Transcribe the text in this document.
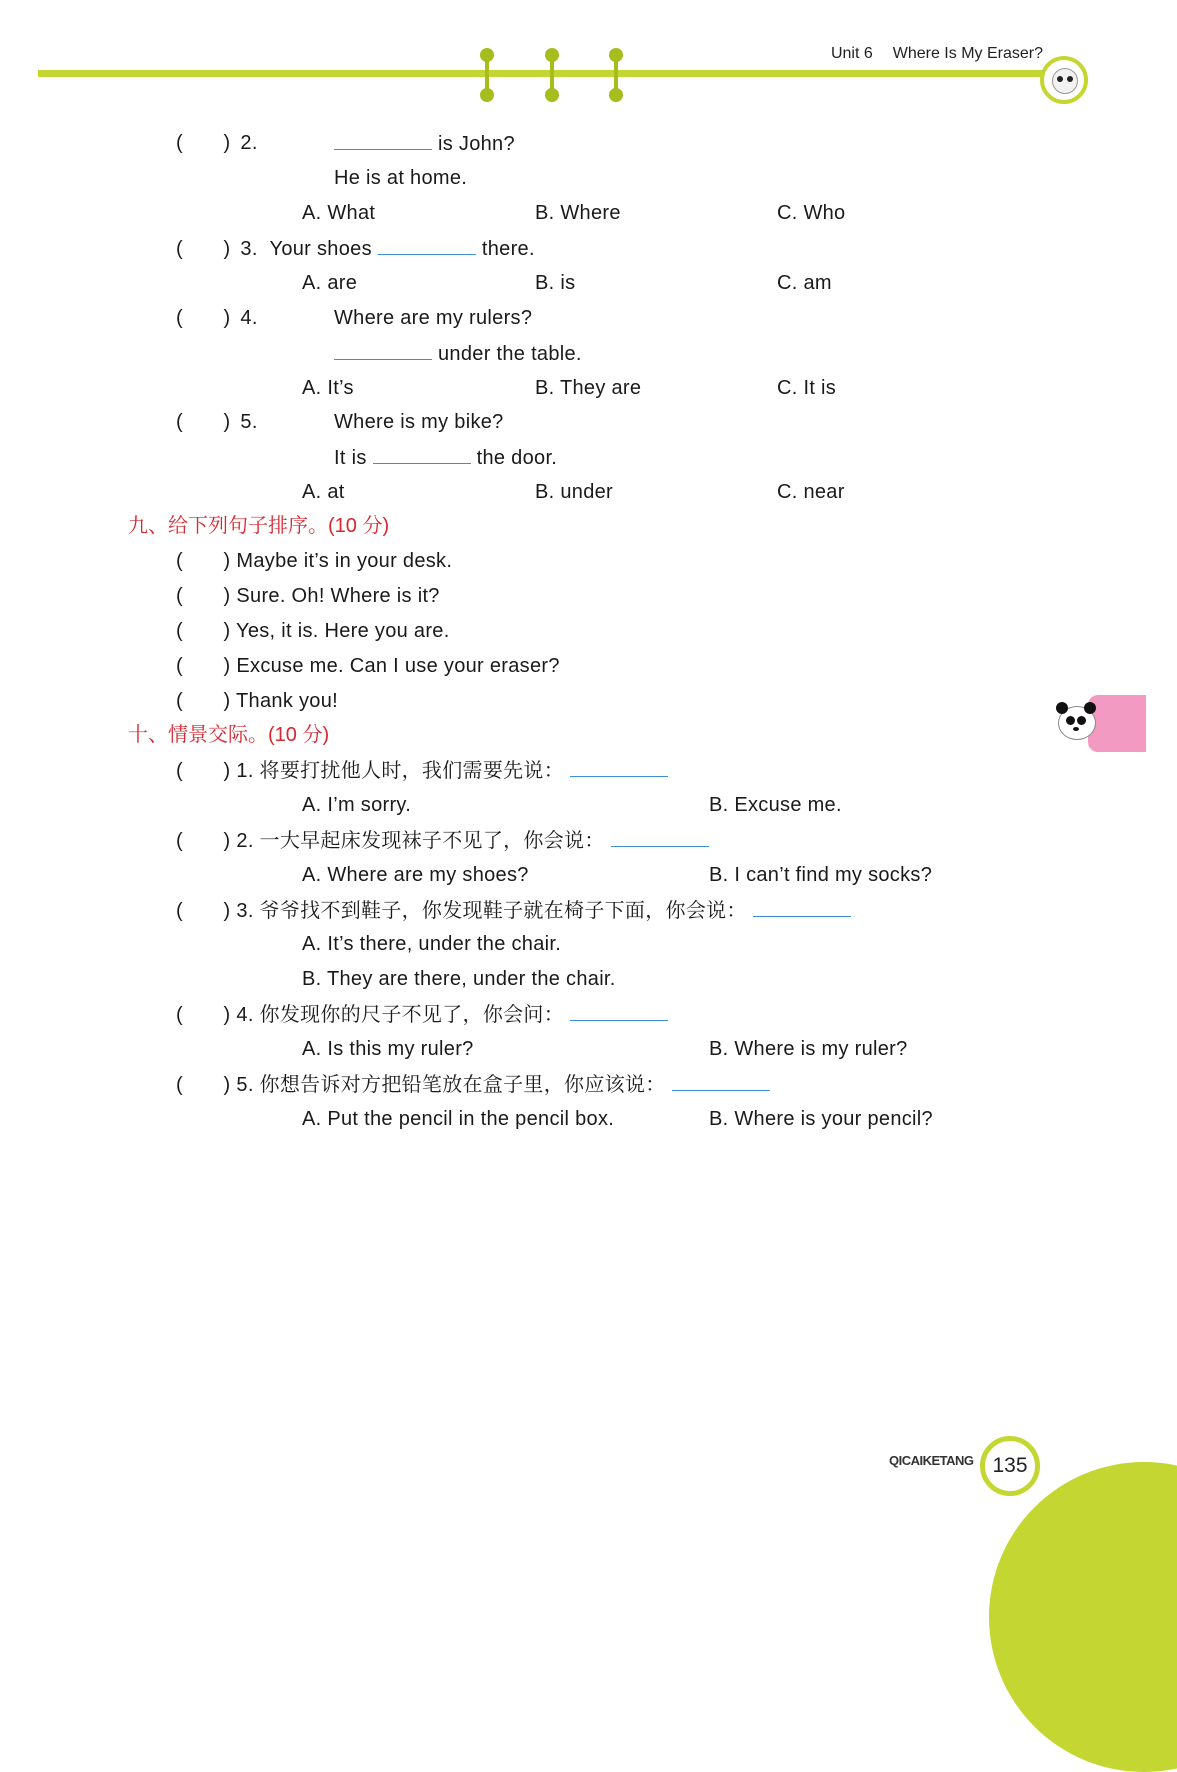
Unit 6 Where Is My Eraser?
(　　) 2.	is John?
He is at home.
A. What	B. Where	C. Who
(　　) 3. Your shoes	there.
A. are	B. is	C. am
(　　) 4.	Where are my rulers?
under the table.
A. It’s	B. They are	C. It is
(　　) 5.	Where is my bike?
It is	the door.
A. at	B. under	C. near
九、给下列句子排序。(10 分)
(　　) Maybe it’s in your desk.
(　　) Sure. Oh! Where is it?
(　　) Yes, it is. Here you are.
(　　) Excuse me. Can I use your eraser?
(　　) Thank you!
十、情景交际。(10 分)
(　　) 1. 将要打扰他人时，我们需要先说：
A. I’m sorry.	B. Excuse me.
(　　) 2. 一大早起床发现袜子不见了，你会说：
A. Where are my shoes?	B. I can’t find my socks?
(　　) 3. 爷爷找不到鞋子，你发现鞋子就在椅子下面，你会说：
A. It’s there, under the chair.
B. They are there, under the chair.
(　　) 4. 你发现你的尺子不见了，你会问：
A. Is this my ruler?	B. Where is my ruler?
(　　) 5. 你想告诉对方把铅笔放在盒子里，你应该说：
A. Put the pencil in the pencil box.	B. Where is your pencil?
QICAIKETANG 135
